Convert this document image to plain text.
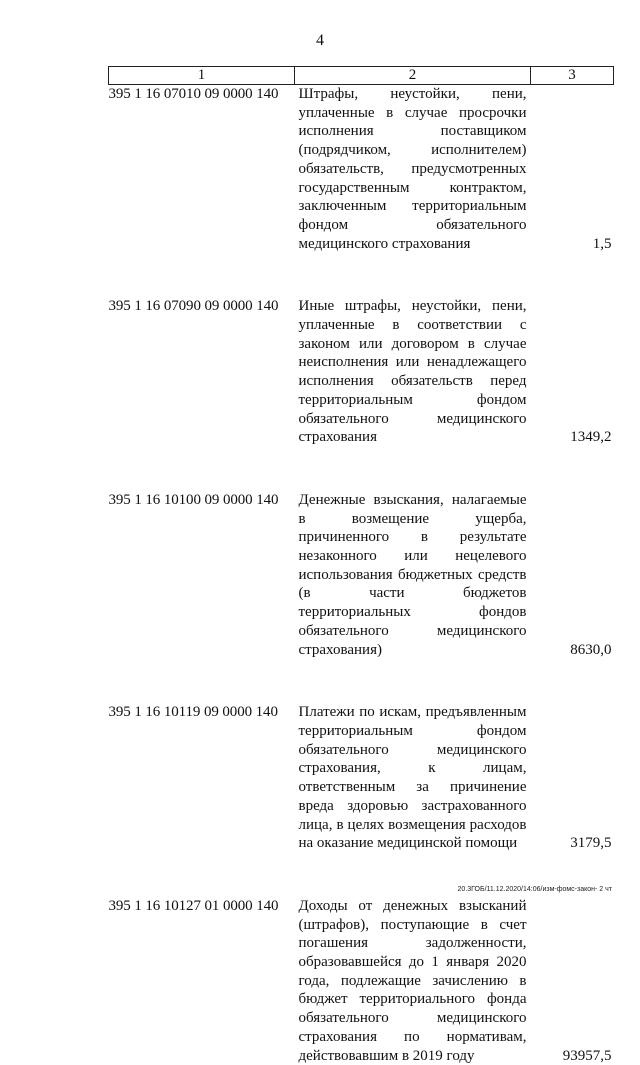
4
1	2	3
395 1 16 07010 09 0000 140	Штрафы, неустойки, пени, уплаченные в случае просрочки исполнения поставщиком (подрядчиком, исполнителем) обязательств, предусмотренных государственным контрактом, заключенным территориальным фондом обязательного медицинского страхования	1,5
395 1 16 07090 09 0000 140	Иные штрафы, неустойки, пени, уплаченные в соответствии с законом или договором в случае неисполнения или ненадлежащего исполнения обязательств перед территориальным фондом обязательного медицинского страхования	1349,2
395 1 16 10100 09 0000 140	Денежные взыскания, налагаемые в возмещение ущерба, причиненного в результате незаконного или нецелевого использования бюджетных средств (в части бюджетов территориальных фондов обязательного медицинского страхования)	8630,0
395 1 16 10119 09 0000 140	Платежи по искам, предъявленным территориальным фондом обязательного медицинского страхования, к лицам, ответственным за причинение вреда здоровью застрахованного лица, в целях возмещения расходов на оказание медицинской помощи	3179,5
395 1 16 10127 01 0000 140	Доходы от денежных взысканий (штрафов), поступающие в счет погашения задолженности, образовавшейся до 1 января 2020 года, подлежащие зачислению в бюджет территориального фонда обязательного медицинского страхования по нормативам, действовавшим в 2019 году	93957,5
20.3ГОБ/11.12.2020/14:06/изм-фомс-закон- 2 чт
